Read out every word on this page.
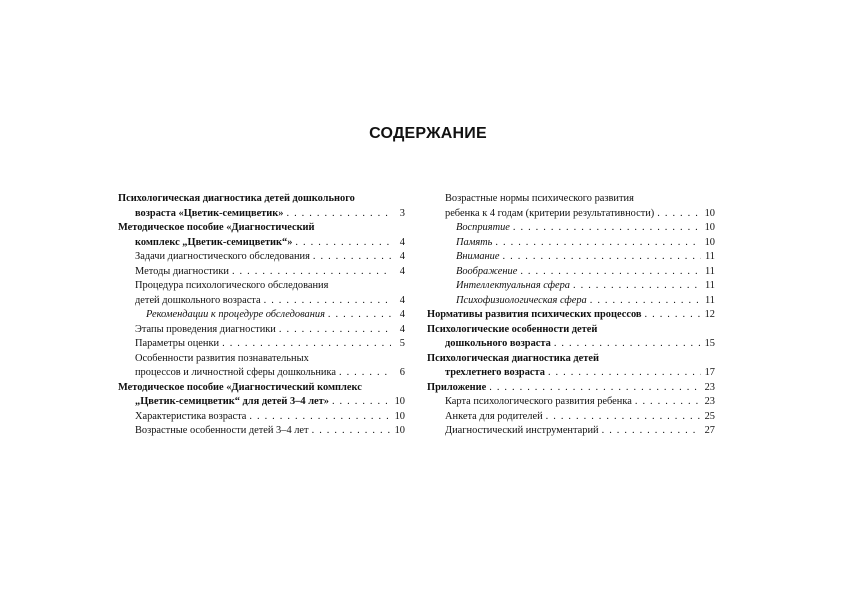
СОДЕРЖАНИЕ
Психологическая диагностика детей дошкольного
возраста «Цветик-семицветик» . . .	3
Методическое пособие «Диагностический
комплекс „Цветик-семицветик“» . . .	4
Задачи диагностического обследования . . .	4
Методы диагностики . . .	4
Процедура психологического обследования
детей дошкольного возраста . . .	4
Рекомендации к процедуре обследования . . .	4
Этапы проведения диагностики . . .	4
Параметры оценки . . .	5
Особенности развития познавательных
процессов и личностной сферы дошкольника . . .	6
Методическое пособие «Диагностический комплекс
„Цветик-семицветик“ для детей 3–4 лет» . . .	10
Характеристика возраста . . .	10
Возрастные особенности детей 3–4 лет . . .	10
Возрастные нормы психического развития
ребенка к 4 годам (критерии результативности) . . .	10
Восприятие . . .	10
Память . . .	10
Внимание . . .	11
Воображение . . .	11
Интеллектуальная сфера . . .	11
Психофизиологическая сфера . . .	11
Нормативы развития психических процессов . . .	12
Психологические особенности детей
дошкольного возраста . . .	15
Психологическая диагностика детей
трехлетнего возраста . . .	17
Приложение . . .	23
Карта психологического развития ребенка . . .	23
Анкета для родителей . . .	25
Диагностический инструментарий . . .	27
